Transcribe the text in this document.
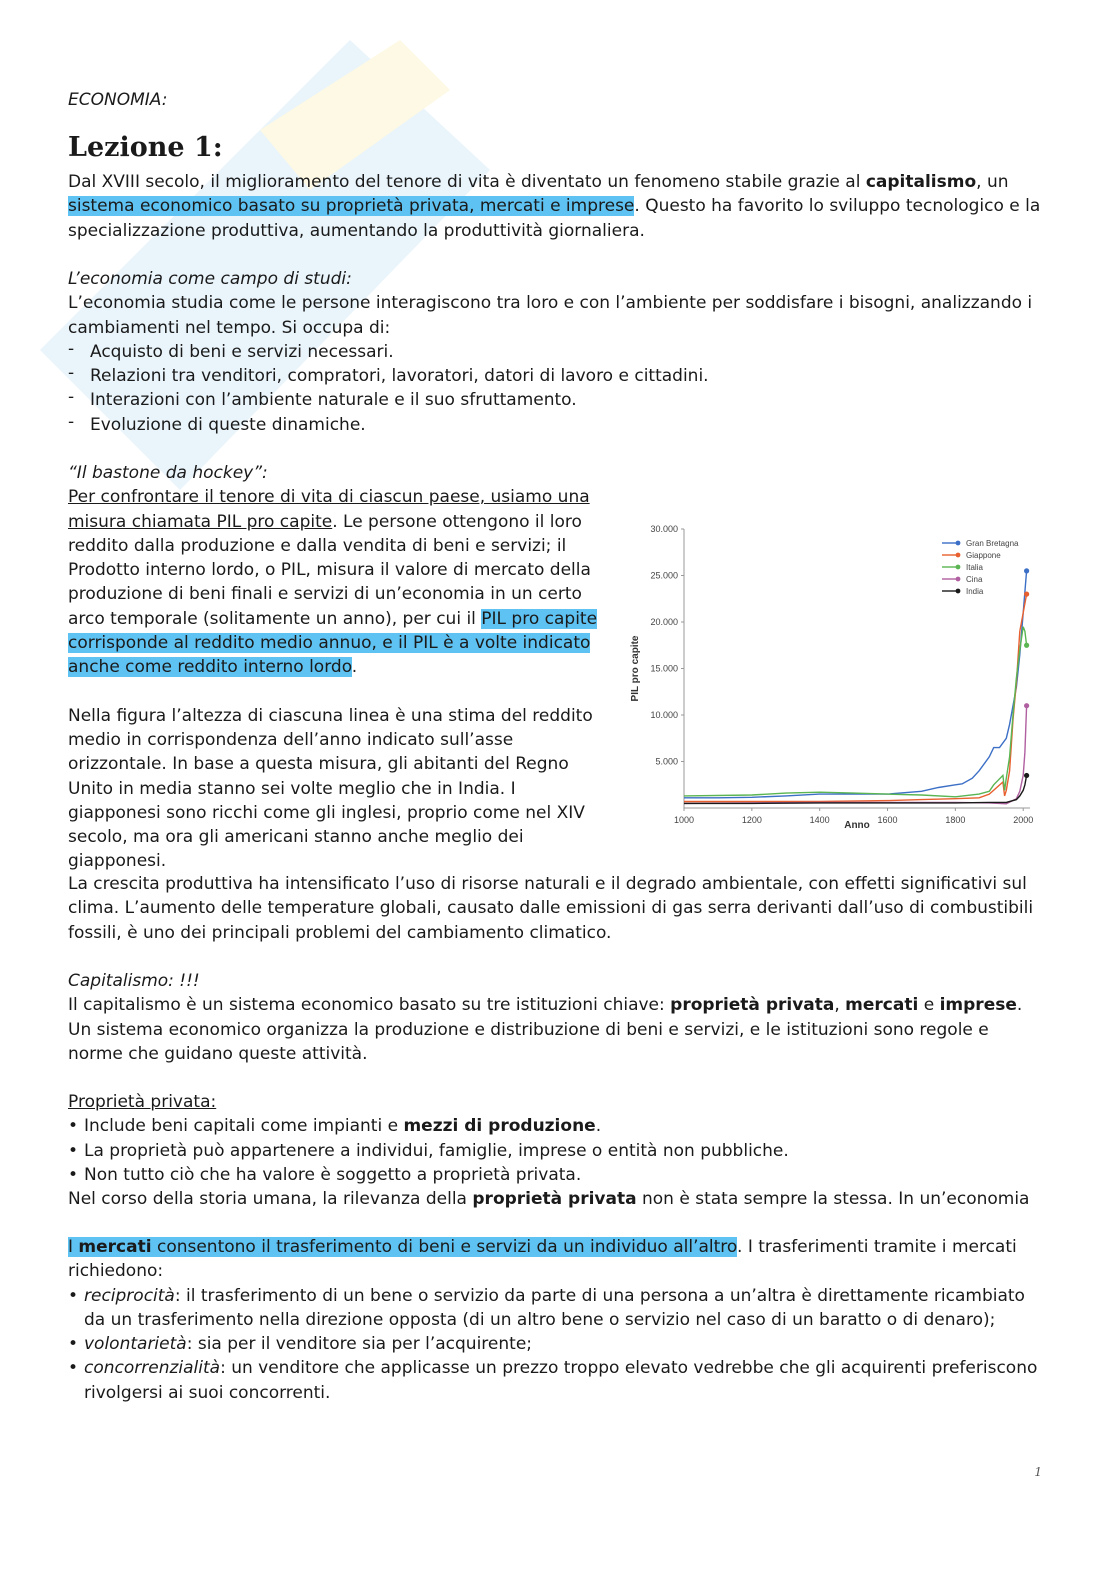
ECONOMIA:
Lezione 1:

Dal XVIII secolo, il miglioramento del tenore di vita è diventato un fenomeno stabile grazie al capitalismo, un sistema economico basato su proprietà privata, mercati e imprese. Questo ha favorito lo sviluppo tecnologico e la specializzazione produttiva, aumentando la produttività giornaliera.

L’economia come campo di studi:

L’economia studia come le persone interagiscono tra loro e con l’ambiente per soddisfare i bisogni, analizzando i cambiamenti nel tempo. Si occupa di:

- Acquisto di beni e servizi necessari.
- Relazioni tra venditori, compratori, lavoratori, datori di lavoro e cittadini.
- Interazioni con l’ambiente naturale e il suo sfruttamento.
- Evoluzione di queste dinamiche.

“Il bastone da hockey”:

Per confrontare il tenore di vita di ciascun paese, usiamo una misura chiamata PIL pro capite. Le persone ottengono il loro reddito dalla produzione e dalla vendita di beni e servizi; il Prodotto interno lordo, o PIL, misura il valore di mercato della produzione di beni finali e servizi di un’economia in un certo arco temporale (solitamente un anno), per cui il PIL pro capite corrisponde al reddito medio annuo, e il PIL è a volte indicato anche come reddito interno lordo.

Nella figura l’altezza di ciascuna linea è una stima del reddito medio in corrispondenza dell’anno indicato sull’asse orizzontale. In base a questa misura, gli abitanti del Regno Unito in media stanno sei volte meglio che in India. I giapponesi sono ricchi come gli inglesi, proprio come nel XIV secolo, ma ora gli americani stanno anche meglio dei giapponesi.

5.000
10.000
15.000
20.000
25.000
30.000
1000	1200	1400	1600	1800	2000
Anno
PIL pro capite
Gran Bretagna
Giappone
Italia
Cina
India
La crescita produttiva ha intensificato l’uso di risorse naturali e il degrado ambientale, con effetti significativi sul clima. L’aumento delle temperature globali, causato dalle emissioni di gas serra derivanti dall’uso di combustibili fossili, è uno dei principali problemi del cambiamento climatico.

Capitalismo: !!!

Il capitalismo è un sistema economico basato su tre istituzioni chiave: proprietà privata, mercati e imprese. Un sistema economico organizza la produzione e distribuzione di beni e servizi, e le istituzioni sono regole e norme che guidano queste attività.

Proprietà privata:

• Include beni capitali come impianti e mezzi di produzione.
• La proprietà può appartenere a individui, famiglie, imprese o entità non pubbliche.
• Non tutto ciò che ha valore è soggetto a proprietà privata.

Nel corso della storia umana, la rilevanza della proprietà privata non è stata sempre la stessa. In un’economia

I mercati consentono il trasferimento di beni e servizi da un individuo all’altro. I trasferimenti tramite i mercati richiedono:

• reciprocità: il trasferimento di un bene o servizio da parte di una persona a un’altra è direttamente ricambiato da un trasferimento nella direzione opposta (di un altro bene o servizio nel caso di un baratto o di denaro);
• volontarietà: sia per il venditore sia per l’acquirente;
• concorrenzialità: un venditore che applicasse un prezzo troppo elevato vedrebbe che gli acquirenti preferiscono rivolgersi ai suoi concorrenti.
1
